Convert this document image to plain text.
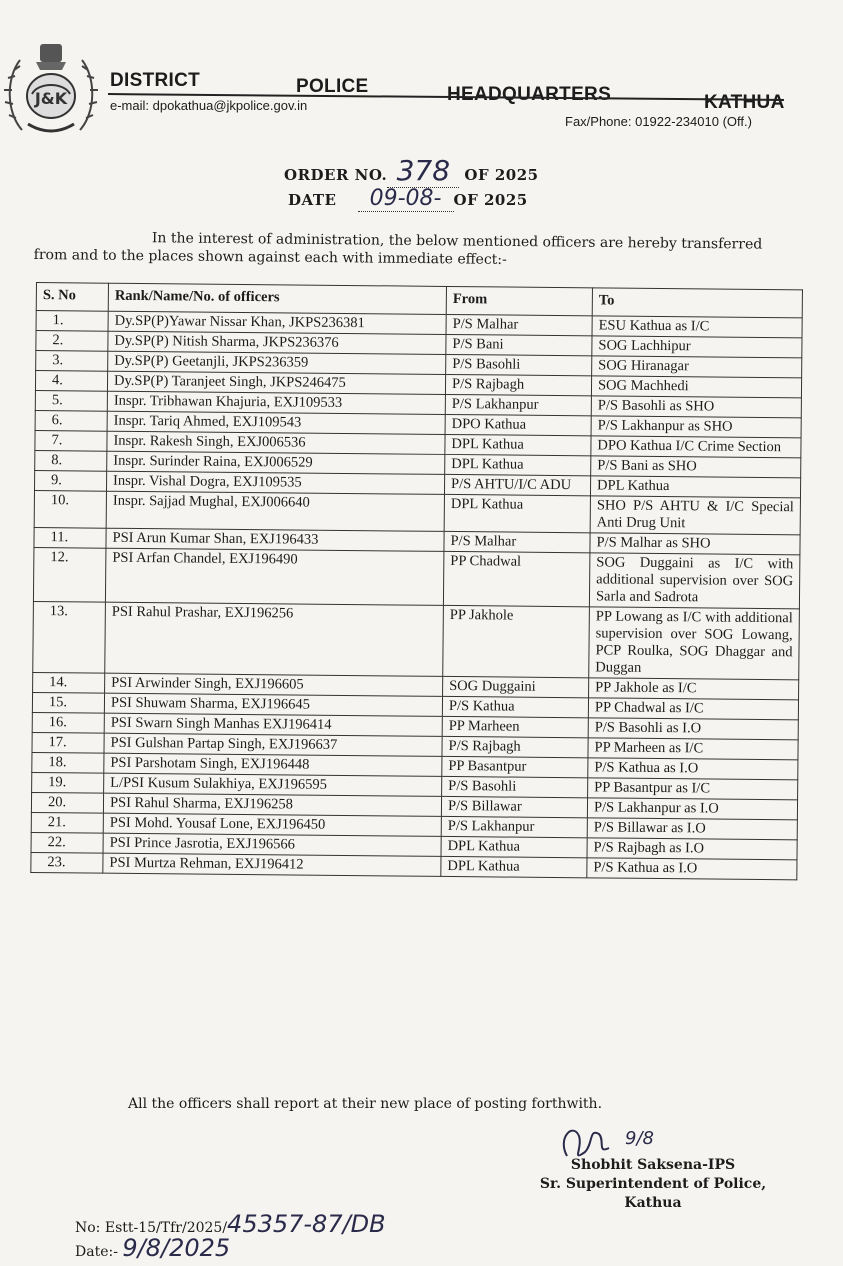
J&K
DISTRICT	POLICE	HEADQUARTERS	KATHUA
e-mail: dpokathua@jkpolice.gov.in
Fax/Phone: 01922-234010 (Off.)
ORDER NO. 378 OF 2025
DATE 09-08- OF 2025
In the interest of administration, the below mentioned officers are hereby transferred from and to the places shown against each with immediate effect:-
S. No	Rank/Name/No. of officers	From	To
1.	Dy.SP(P)Yawar Nissar Khan, JKPS236381	P/S Malhar	ESU Kathua as I/C
2.	Dy.SP(P) Nitish Sharma, JKPS236376	P/S Bani	SOG Lachhipur
3.	Dy.SP(P) Geetanjli, JKPS236359	P/S Basohli	SOG Hiranagar
4.	Dy.SP(P) Taranjeet Singh, JKPS246475	P/S Rajbagh	SOG Machhedi
5.	Inspr. Tribhawan Khajuria, EXJ109533	P/S Lakhanpur	P/S Basohli as SHO
6.	Inspr. Tariq Ahmed, EXJ109543	DPO Kathua	P/S Lakhanpur as SHO
7.	Inspr. Rakesh Singh, EXJ006536	DPL Kathua	DPO Kathua I/C Crime Section
8.	Inspr. Surinder Raina, EXJ006529	DPL Kathua	P/S Bani as SHO
9.	Inspr. Vishal Dogra, EXJ109535	P/S AHTU/I/C ADU	DPL Kathua
10.	Inspr. Sajjad Mughal, EXJ006640	DPL Kathua	SHO P/S AHTU & I/C Special Anti Drug Unit
11.	PSI Arun Kumar Shan, EXJ196433	P/S Malhar	P/S Malhar as SHO
12.	PSI Arfan Chandel, EXJ196490	PP Chadwal	SOG Duggaini as I/C with additional supervision over SOG Sarla and Sadrota
13.	PSI Rahul Prashar, EXJ196256	PP Jakhole	PP Lowang as I/C with additional supervision over SOG Lowang, PCP Roulka, SOG Dhaggar and Duggan
14.	PSI Arwinder Singh, EXJ196605	SOG Duggaini	PP Jakhole as I/C
15.	PSI Shuwam Sharma, EXJ196645	P/S Kathua	PP Chadwal as I/C
16.	PSI Swarn Singh Manhas EXJ196414	PP Marheen	P/S Basohli as I.O
17.	PSI Gulshan Partap Singh, EXJ196637	P/S Rajbagh	PP Marheen as I/C
18.	PSI Parshotam Singh, EXJ196448	PP Basantpur	P/S Kathua as I.O
19.	L/PSI Kusum Sulakhiya, EXJ196595	P/S Basohli	PP Basantpur as I/C
20.	PSI Rahul Sharma, EXJ196258	P/S Billawar	P/S Lakhanpur as I.O
21.	PSI Mohd. Yousaf Lone, EXJ196450	P/S Lakhanpur	P/S Billawar as I.O
22.	PSI Prince Jasrotia, EXJ196566	DPL Kathua	P/S Rajbagh as I.O
23.	PSI Murtza Rehman, EXJ196412	DPL Kathua	P/S Kathua as I.O
All the officers shall report at their new place of posting forthwith.
9/8
Shobhit Saksena-IPS
Sr. Superintendent of Police,
Kathua
No: Estt-15/Tfr/2025/45357-87/DB
Date:- 9/8/2025
